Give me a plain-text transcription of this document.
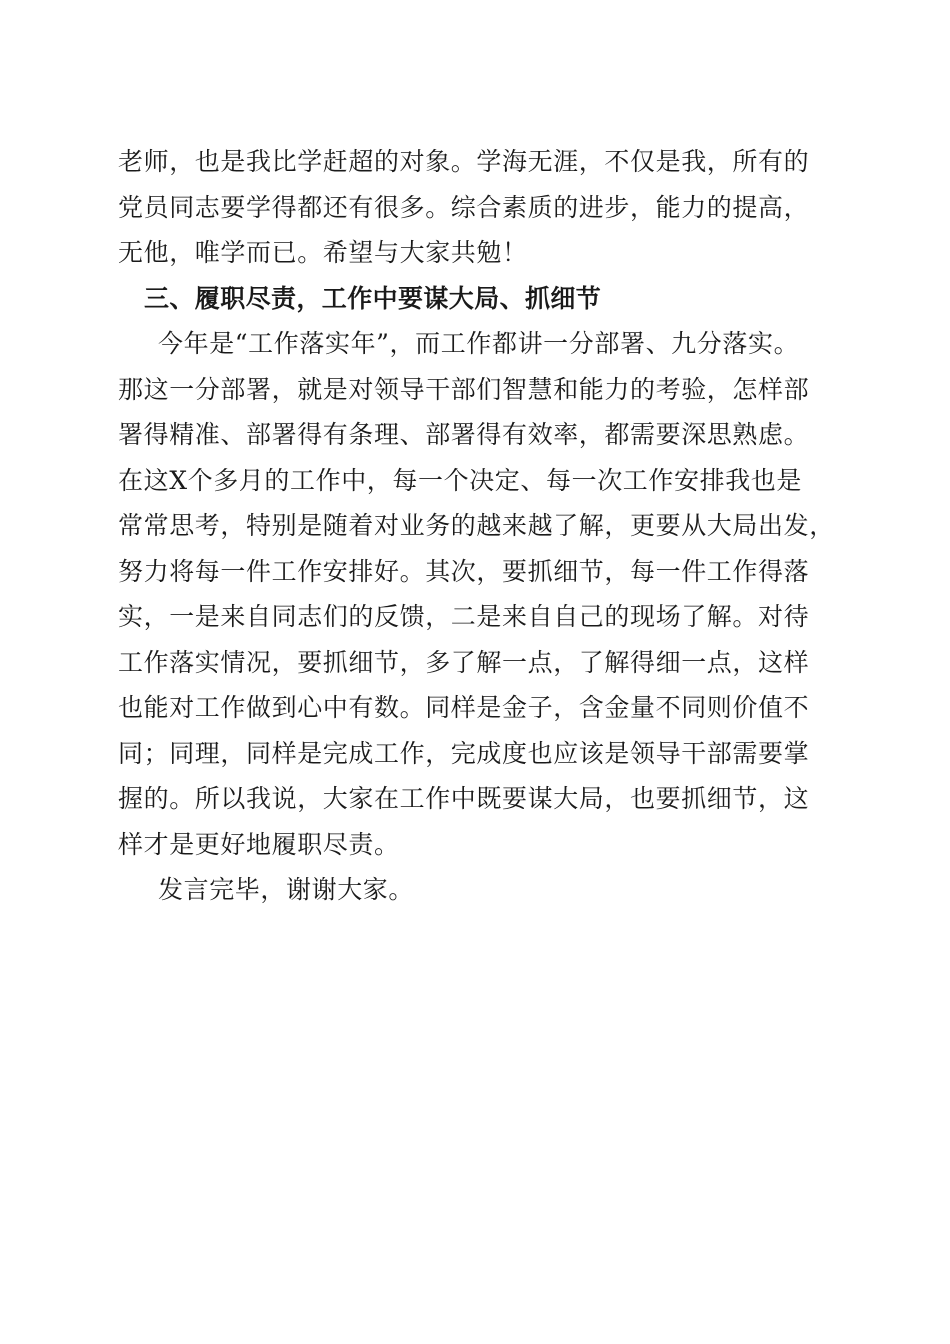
老师，也是我比学赶超的对象。学海无涯，不仅是我，所有的
党员同志要学得都还有很多。综合素质的进步，能力的提高，
无他，唯学而已。希望与大家共勉！
三、履职尽责，工作中要谋大局、抓细节
今年是“工作落实年”，而工作都讲一分部署、九分落实。
那这一分部署，就是对领导干部们智慧和能力的考验，怎样部
署得精准、部署得有条理、部署得有效率，都需要深思熟虑。
在这X个多月的工作中，每一个决定、每一次工作安排我也是
常常思考，特别是随着对业务的越来越了解，更要从大局出发，
努力将每一件工作安排好。其次，要抓细节，每一件工作得落
实，一是来自同志们的反馈，二是来自自己的现场了解。对待
工作落实情况，要抓细节，多了解一点，了解得细一点，这样
也能对工作做到心中有数。同样是金子，含金量不同则价值不
同；同理，同样是完成工作，完成度也应该是领导干部需要掌
握的。所以我说，大家在工作中既要谋大局，也要抓细节，这
样才是更好地履职尽责。
发言完毕，谢谢大家。
